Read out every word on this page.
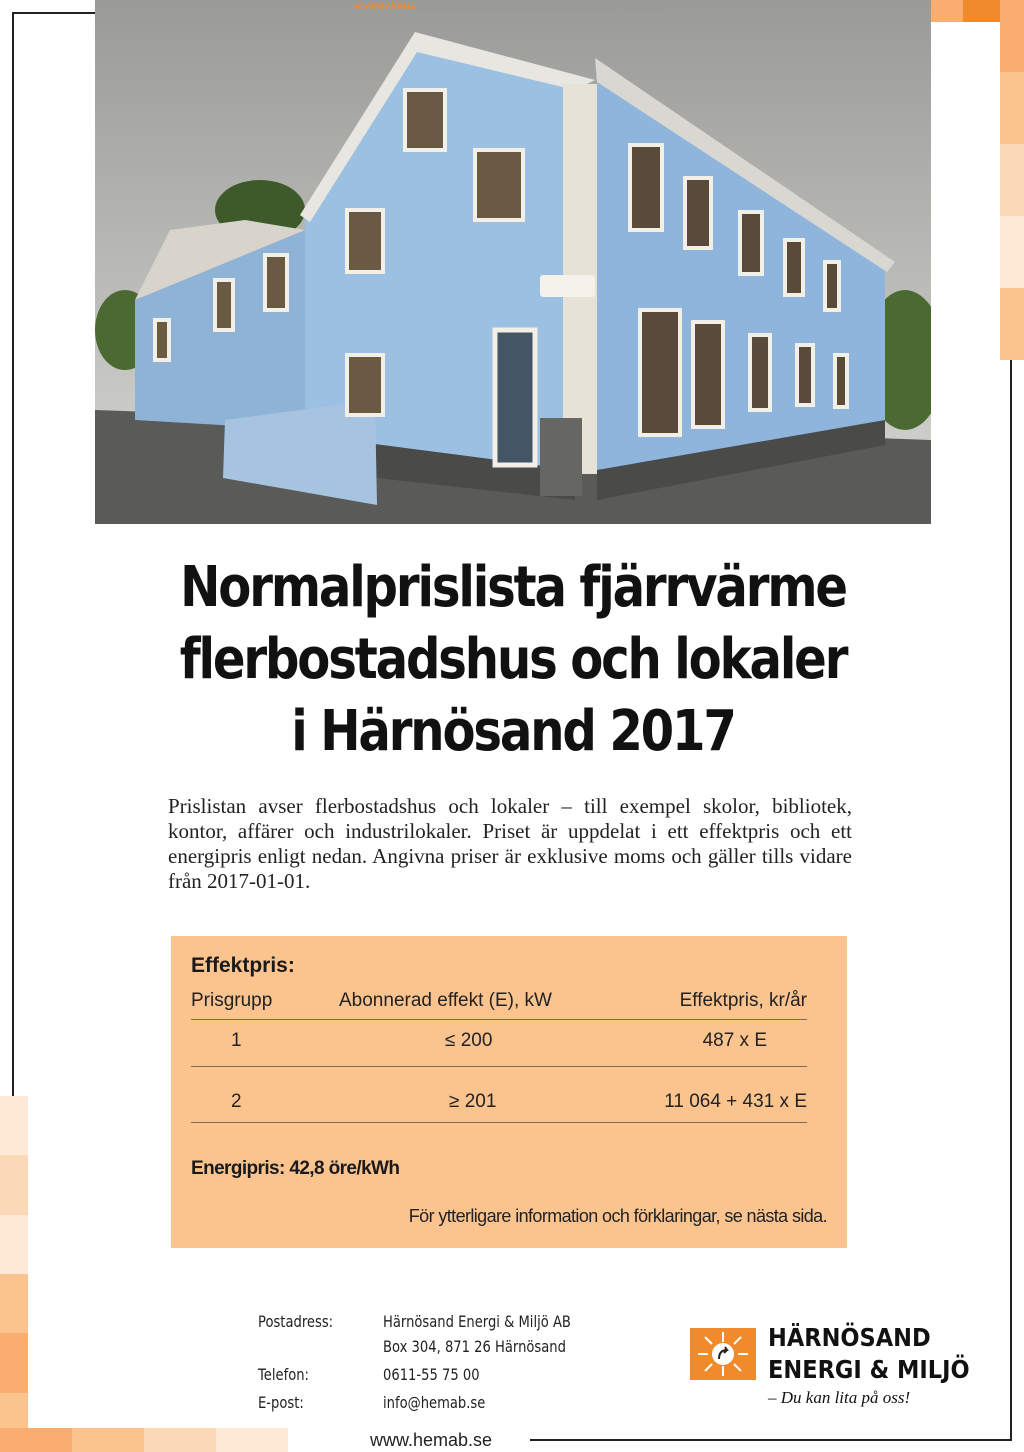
FJÄRRVÄRME | VATTEN | ELNÄT | ÅTERVINNING | BIOGAS | VINDKRAFT
Normalprislista fjärrvärme
flerbostadshus och lokaler
i Härnösand 2017
Prislistan avser flerbostadshus och lokaler – till exempel skolor, bibliotek, kontor, affärer och industrilokaler. Priset är uppdelat i ett effektpris och ett energipris enligt nedan. Angivna priser är exklusive moms och gäller tills vidare från 2017-01-01.
Effektpris:
Prisgrupp	Abonnerad effekt (E), kW	Effektpris, kr/år
1	≤ 200	487 x E
2	≥ 201	11 064 + 431 x E
Energipris: 42,8 öre/kWh
För ytterligare information och förklaringar, se nästa sida.
Postadress:	Härnösand Energi & Miljö AB
Box 304, 871 26 Härnösand
Telefon:	0611-55 75 00
E-post:	info@hemab.se
HÄRNÖSAND
ENERGI & MILJÖ
– Du kan lita på oss!
www.hemab.se
